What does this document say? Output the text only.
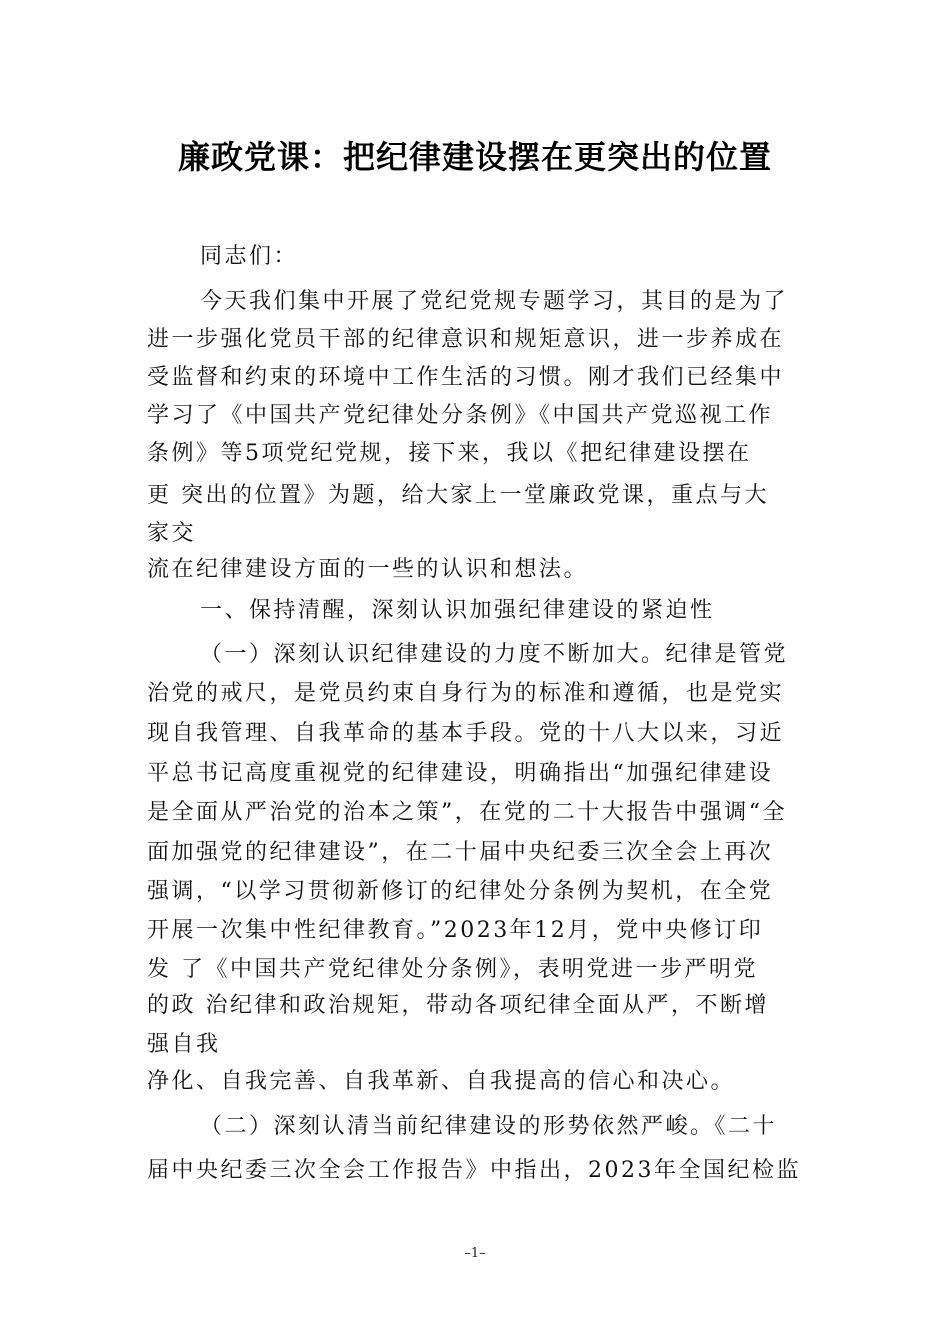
廉政党课：把纪律建设摆在更突出的位置
同志们：
今天我们集中开展了党纪党规专题学习，其目的是为了
进一步强化党员干部的纪律意识和规矩意识，进一步养成在
受监督和约束的环境中工作生活的习惯。刚才我们已经集中
学习了《中国共产党纪律处分条例》《中国共产党巡视工作
条例》等5项党纪党规，接下来，我以《把纪律建设摆在
更 突出的位置》为题，给大家上一堂廉政党课，重点与大
家交
流在纪律建设方面的一些的认识和想法。
一、保持清醒，深刻认识加强纪律建设的紧迫性
（一）深刻认识纪律建设的力度不断加大。纪律是管党
治党的戒尺，是党员约束自身行为的标准和遵循，也是党实
现自我管理、自我革命的基本手段。党的十八大以来，习近
平总书记高度重视党的纪律建设，明确指出“加强纪律建设
是全面从严治党的治本之策”，在党的二十大报告中强调“全
面加强党的纪律建设”，在二十届中央纪委三次全会上再次
强调，“以学习贯彻新修订的纪律处分条例为契机，在全党
开展一次集中性纪律教育。”2023年12月，党中央修订印
发 了《中国共产党纪律处分条例》，表明党进一步严明党
的政 治纪律和政治规矩，带动各项纪律全面从严，不断增
强自我
净化、自我完善、自我革新、自我提高的信心和决心。
（二）深刻认清当前纪律建设的形势依然严峻。《二十
届中央纪委三次全会工作报告》中指出，2023年全国纪检监
–1–
